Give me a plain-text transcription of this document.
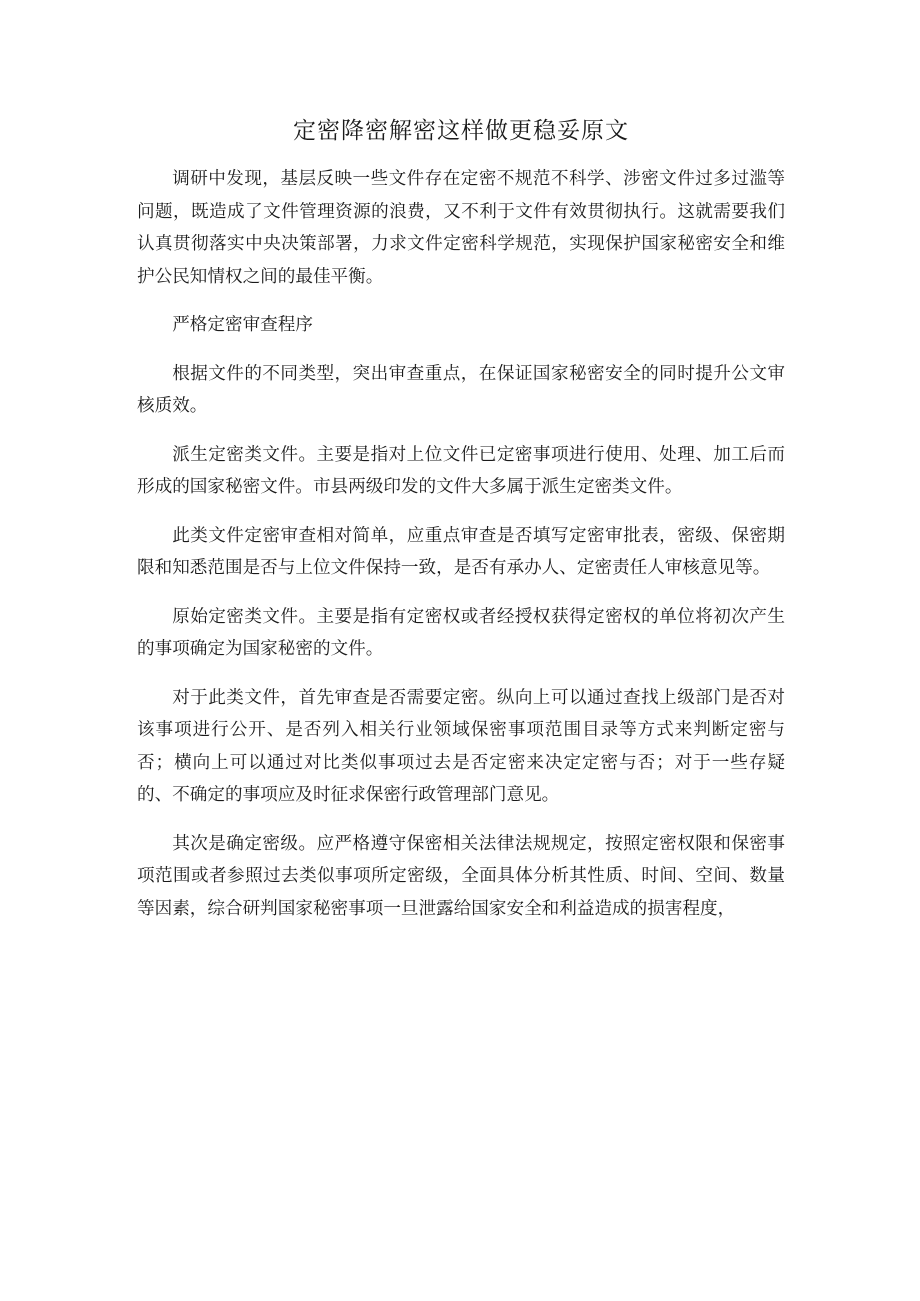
定密降密解密这样做更稳妥原文

调研中发现，基层反映一些文件存在定密不规范不科学、涉密文件过多过滥等问题，既造成了文件管理资源的浪费，又不利于文件有效贯彻执行。这就需要我们认真贯彻落实中央决策部署，力求文件定密科学规范，实现保护国家秘密安全和维护公民知情权之间的最佳平衡。

严格定密审查程序

根据文件的不同类型，突出审查重点，在保证国家秘密安全的同时提升公文审核质效。

派生定密类文件。主要是指对上位文件已定密事项进行使用、处理、加工后而形成的国家秘密文件。市县两级印发的文件大多属于派生定密类文件。

此类文件定密审查相对简单，应重点审查是否填写定密审批表，密级、保密期限和知悉范围是否与上位文件保持一致，是否有承办人、定密责任人审核意见等。

原始定密类文件。主要是指有定密权或者经授权获得定密权的单位将初次产生的事项确定为国家秘密的文件。

对于此类文件，首先审查是否需要定密。纵向上可以通过查找上级部门是否对该事项进行公开、是否列入相关行业领域保密事项范围目录等方式来判断定密与否；横向上可以通过对比类似事项过去是否定密来决定定密与否；对于一些存疑的、不确定的事项应及时征求保密行政管理部门意见。

其次是确定密级。应严格遵守保密相关法律法规规定，按照定密权限和保密事项范围或者参照过去类似事项所定密级，全面具体分析其性质、时间、空间、数量等因素，综合研判国家秘密事项一旦泄露给国家安全和利益造成的损害程度，
